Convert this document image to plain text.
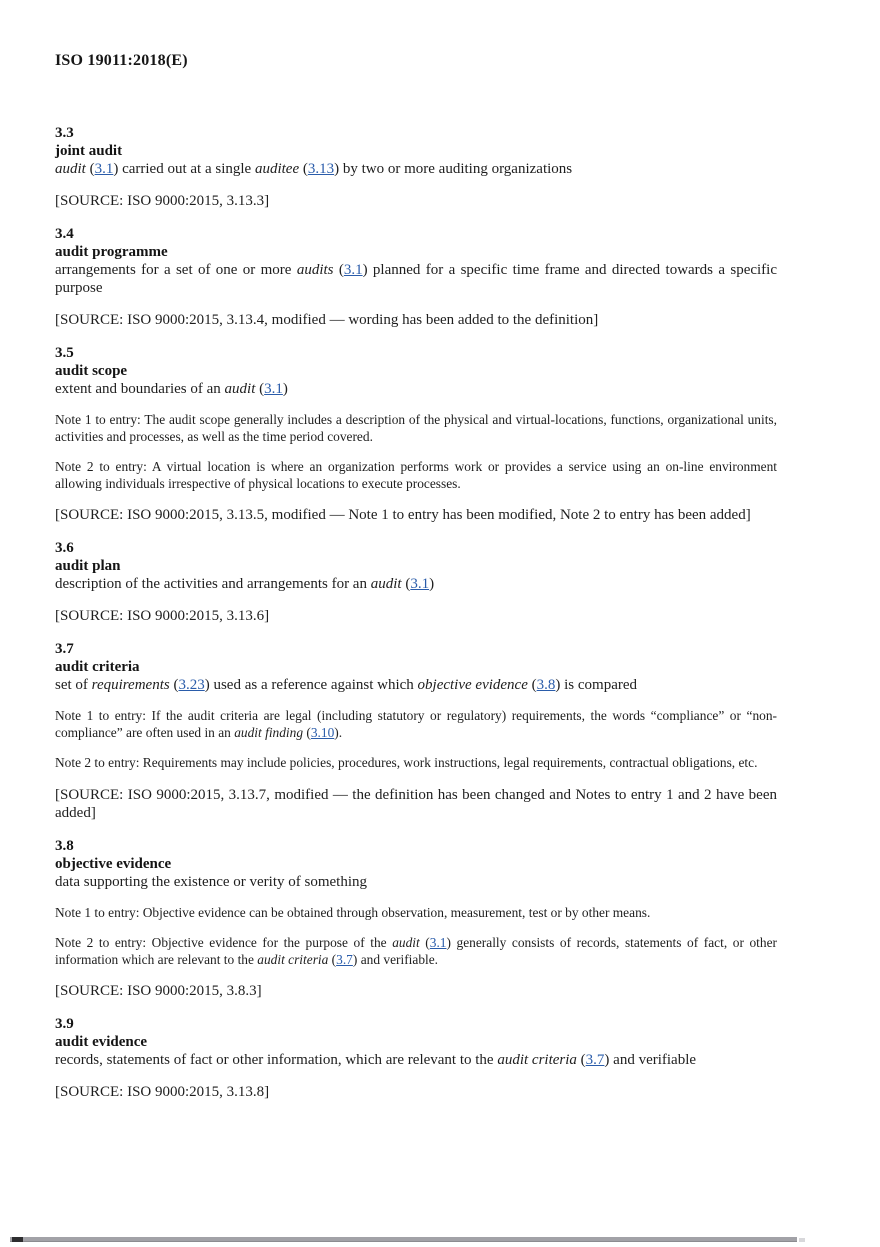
ISO 19011:2018(E)
3.3
joint audit
audit (3.1) carried out at a single auditee (3.13) by two or more auditing organizations

[SOURCE: ISO 9000:2015, 3.13.3]

3.4
audit programme
arrangements for a set of one or more audits (3.1) planned for a specific time frame and directed towards a specific purpose

[SOURCE: ISO 9000:2015, 3.13.4, modified — wording has been added to the definition]

3.5
audit scope
extent and boundaries of an audit (3.1)

Note 1 to entry: The audit scope generally includes a description of the physical and virtual-locations, functions, organizational units, activities and processes, as well as the time period covered.

Note 2 to entry: A virtual location is where an organization performs work or provides a service using an on-line environment allowing individuals irrespective of physical locations to execute processes.

[SOURCE: ISO 9000:2015, 3.13.5, modified — Note 1 to entry has been modified, Note 2 to entry has been added]

3.6
audit plan
description of the activities and arrangements for an audit (3.1)

[SOURCE: ISO 9000:2015, 3.13.6]

3.7
audit criteria
set of requirements (3.23) used as a reference against which objective evidence (3.8) is compared

Note 1 to entry: If the audit criteria are legal (including statutory or regulatory) requirements, the words “compliance” or “non-compliance” are often used in an audit finding (3.10).

Note 2 to entry: Requirements may include policies, procedures, work instructions, legal requirements, contractual obligations, etc.

[SOURCE: ISO 9000:2015, 3.13.7, modified — the definition has been changed and Notes to entry 1 and 2 have been added]

3.8
objective evidence
data supporting the existence or verity of something

Note 1 to entry: Objective evidence can be obtained through observation, measurement, test or by other means.

Note 2 to entry: Objective evidence for the purpose of the audit (3.1) generally consists of records, statements of fact, or other information which are relevant to the audit criteria (3.7) and verifiable.

[SOURCE: ISO 9000:2015, 3.8.3]

3.9
audit evidence
records, statements of fact or other information, which are relevant to the audit criteria (3.7) and verifiable

[SOURCE: ISO 9000:2015, 3.13.8]
